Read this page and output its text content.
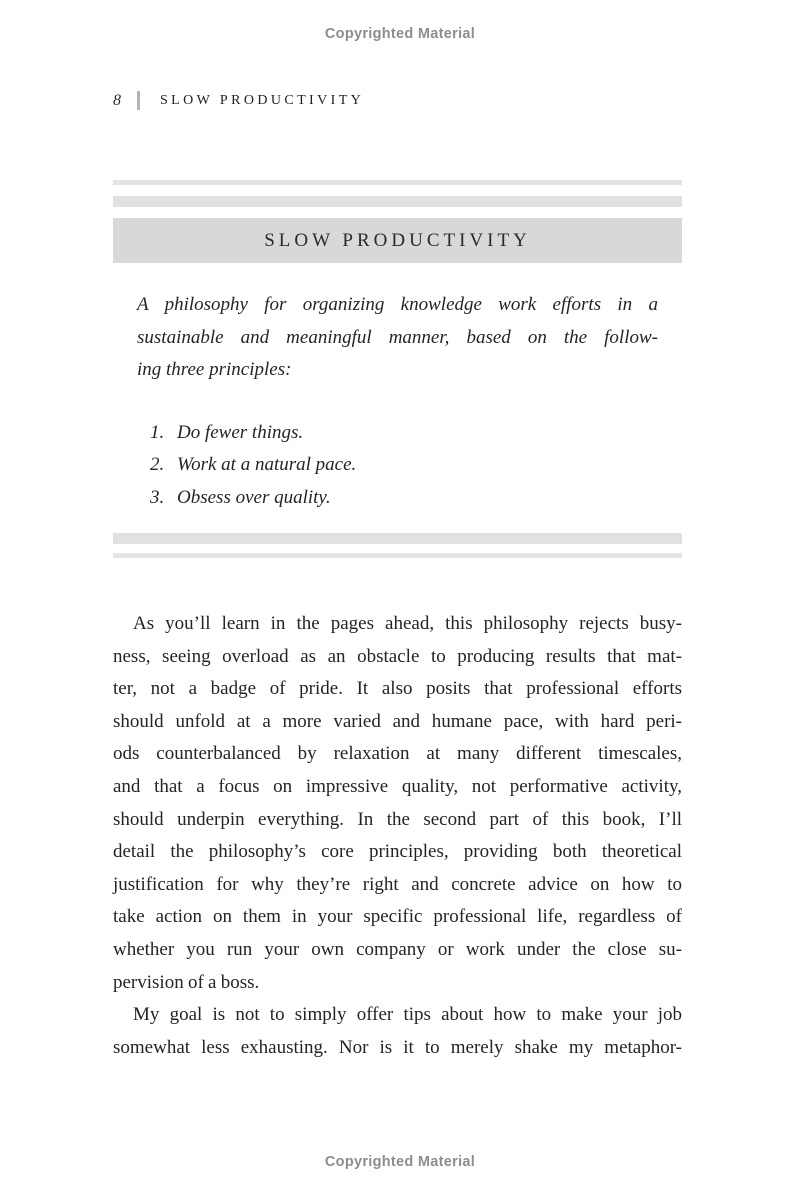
Copyrighted Material
8	SLOW PRODUCTIVITY
SLOW PRODUCTIVITY
A philosophy for organizing knowledge work efforts in a
sustainable and meaningful manner, based on the follow-
ing three principles:
1. Do fewer things.
2. Work at a natural pace.
3. Obsess over quality.
As you’ll learn in the pages ahead, this philosophy rejects busy-
ness, seeing overload as an obstacle to producing results that mat-
ter, not a badge of pride. It also posits that professional efforts
should unfold at a more varied and humane pace, with hard peri-
ods counterbalanced by relaxation at many different timescales,
and that a focus on impressive quality, not performative activity,
should underpin everything. In the second part of this book, I’ll
detail the philosophy’s core principles, providing both theoretical
justification for why they’re right and concrete advice on how to
take action on them in your specific professional life, regardless of
whether you run your own company or work under the close su-
pervision of a boss.
My goal is not to simply offer tips about how to make your job
somewhat less exhausting. Nor is it to merely shake my metaphor-
Copyrighted Material
